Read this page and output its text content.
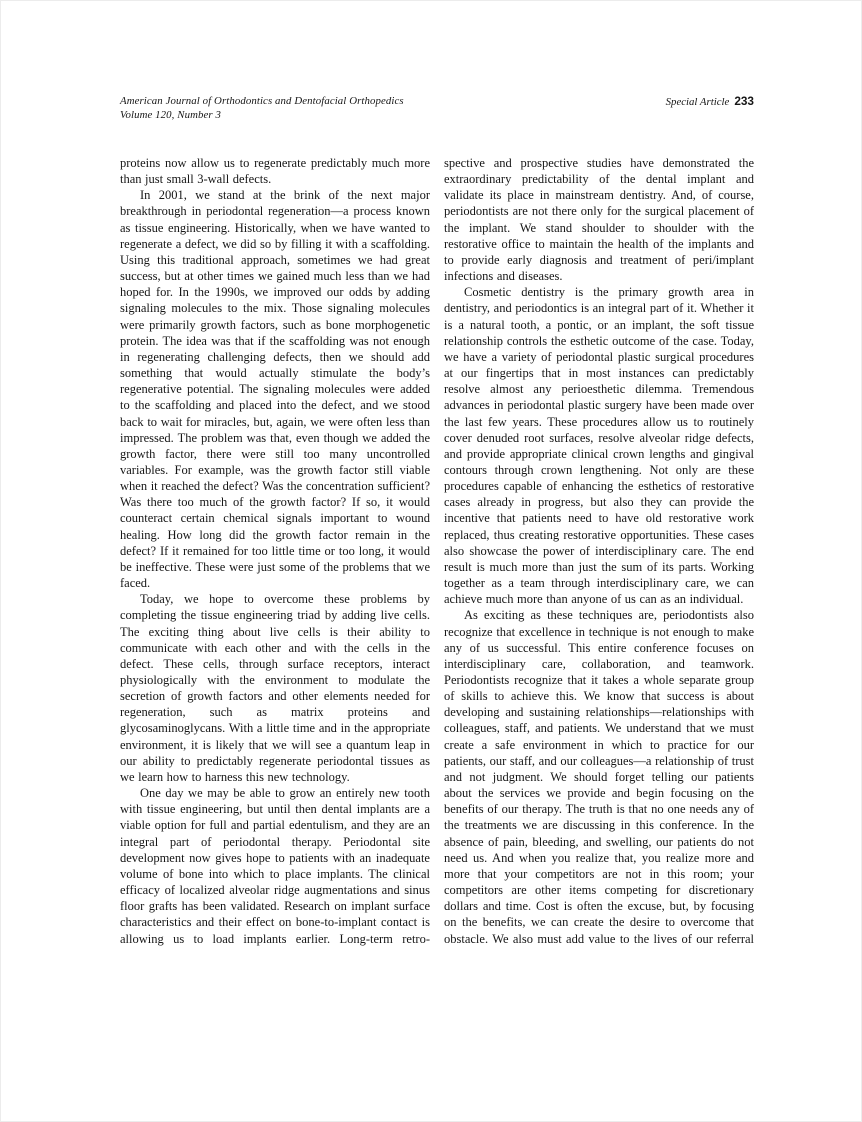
American Journal of Orthodontics and Dentofacial Orthopedics
Volume 120, Number 3
Special Article 233

proteins now allow us to regenerate predictably much more than just small 3-wall defects.

In 2001, we stand at the brink of the next major breakthrough in periodontal regeneration—a process known as tissue engineering. Historically, when we have wanted to regenerate a defect, we did so by filling it with a scaffolding. Using this traditional approach, sometimes we had great success, but at other times we gained much less than we had hoped for. In the 1990s, we improved our odds by adding signaling molecules to the mix. Those signaling molecules were primarily growth factors, such as bone morphogenetic protein. The idea was that if the scaffolding was not enough in regenerating challenging defects, then we should add something that would actually stimulate the body’s regenerative potential. The signaling molecules were added to the scaffolding and placed into the defect, and we stood back to wait for miracles, but, again, we were often less than impressed. The problem was that, even though we added the growth factor, there were still too many uncontrolled variables. For example, was the growth factor still viable when it reached the defect? Was the concentration sufficient? Was there too much of the growth factor? If so, it would counteract certain chemical signals important to wound healing. How long did the growth factor remain in the defect? If it remained for too little time or too long, it would be ineffective. These were just some of the problems that we faced.

Today, we hope to overcome these problems by completing the tissue engineering triad by adding live cells. The exciting thing about live cells is their ability to communicate with each other and with the cells in the defect. These cells, through surface receptors, interact physiologically with the environment to modulate the secretion of growth factors and other elements needed for regeneration, such as matrix proteins and glycosaminoglycans. With a little time and in the appropriate environment, it is likely that we will see a quantum leap in our ability to predictably regenerate periodontal tissues as we learn how to harness this new technology.

One day we may be able to grow an entirely new tooth with tissue engineering, but until then dental implants are a viable option for full and partial edentulism, and they are an integral part of periodontal therapy. Periodontal site development now gives hope to patients with an inadequate volume of bone into which to place implants. The clinical efficacy of localized alveolar ridge augmentations and sinus floor grafts has been validated. Research on implant surface characteristics and their effect on bone-to-implant contact is allowing us to load implants earlier. Long-term retro-

spective and prospective studies have demonstrated the extraordinary predictability of the dental implant and validate its place in mainstream dentistry. And, of course, periodontists are not there only for the surgical placement of the implant. We stand shoulder to shoulder with the restorative office to maintain the health of the implants and to provide early diagnosis and treatment of peri/implant infections and diseases.

Cosmetic dentistry is the primary growth area in dentistry, and periodontics is an integral part of it. Whether it is a natural tooth, a pontic, or an implant, the soft tissue relationship controls the esthetic outcome of the case. Today, we have a variety of periodontal plastic surgical procedures at our fingertips that in most instances can predictably resolve almost any perioesthetic dilemma. Tremendous advances in periodontal plastic surgery have been made over the last few years. These procedures allow us to routinely cover denuded root surfaces, resolve alveolar ridge defects, and provide appropriate clinical crown lengths and gingival contours through crown lengthening. Not only are these procedures capable of enhancing the esthetics of restorative cases already in progress, but also they can provide the incentive that patients need to have old restorative work replaced, thus creating restorative opportunities. These cases also showcase the power of interdisciplinary care. The end result is much more than just the sum of its parts. Working together as a team through interdisciplinary care, we can achieve much more than anyone of us can as an individual.

As exciting as these techniques are, periodontists also recognize that excellence in technique is not enough to make any of us successful. This entire conference focuses on interdisciplinary care, collaboration, and teamwork. Periodontists recognize that it takes a whole separate group of skills to achieve this. We know that success is about developing and sustaining relationships—relationships with colleagues, staff, and patients. We understand that we must create a safe environment in which to practice for our patients, our staff, and our colleagues—a relationship of trust and not judgment. We should forget telling our patients about the services we provide and begin focusing on the benefits of our therapy. The truth is that no one needs any of the treatments we are discussing in this conference. In the absence of pain, bleeding, and swelling, our patients do not need us. And when you realize that, you realize more and more that your competitors are not in this room; your competitors are other items competing for discretionary dollars and time. Cost is often the excuse, but, by focusing on the benefits, we can create the desire to overcome that obstacle. We also must add value to the lives of our referral
